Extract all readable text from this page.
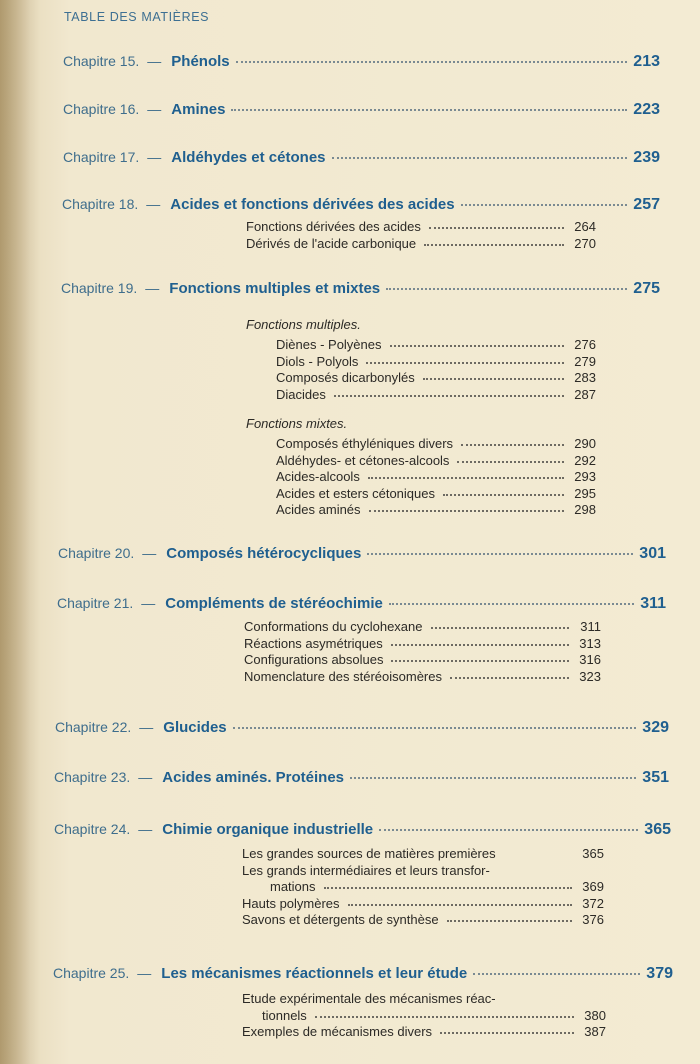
TABLE DES MATIÈRES
Chapitre 15. — Phénols	213
Chapitre 16. — Amines	223
Chapitre 17. — Aldéhydes et cétones	239
Chapitre 18. — Acides et fonctions dérivées des acides	257
Fonctions dérivées des acides	264
Dérivés de l'acide carbonique	270
Chapitre 19. — Fonctions multiples et mixtes	275
Fonctions multiples.
Diènes - Polyènes	276
Diols - Polyols	279
Composés dicarbonylés	283
Diacides	287
Fonctions mixtes.
Composés éthyléniques divers	290
Aldéhydes- et cétones-alcools	292
Acides-alcools	293
Acides et esters cétoniques	295
Acides aminés	298
Chapitre 20. — Composés hétérocycliques	301
Chapitre 21. — Compléments de stéréochimie	311
Conformations du cyclohexane	311
Réactions asymétriques	313
Configurations absolues	316
Nomenclature des stéréoisomères	323
Chapitre 22. — Glucides	329
Chapitre 23. — Acides aminés. Protéines	351
Chapitre 24. — Chimie organique industrielle	365
Les grandes sources de matières premières	365
Les grands intermédiaires et leurs transfor-
mations	369
Hauts polymères	372
Savons et détergents de synthèse	376
Chapitre 25. — Les mécanismes réactionnels et leur étude	379
Etude expérimentale des mécanismes réac-
tionnels	380
Exemples de mécanismes divers	387
